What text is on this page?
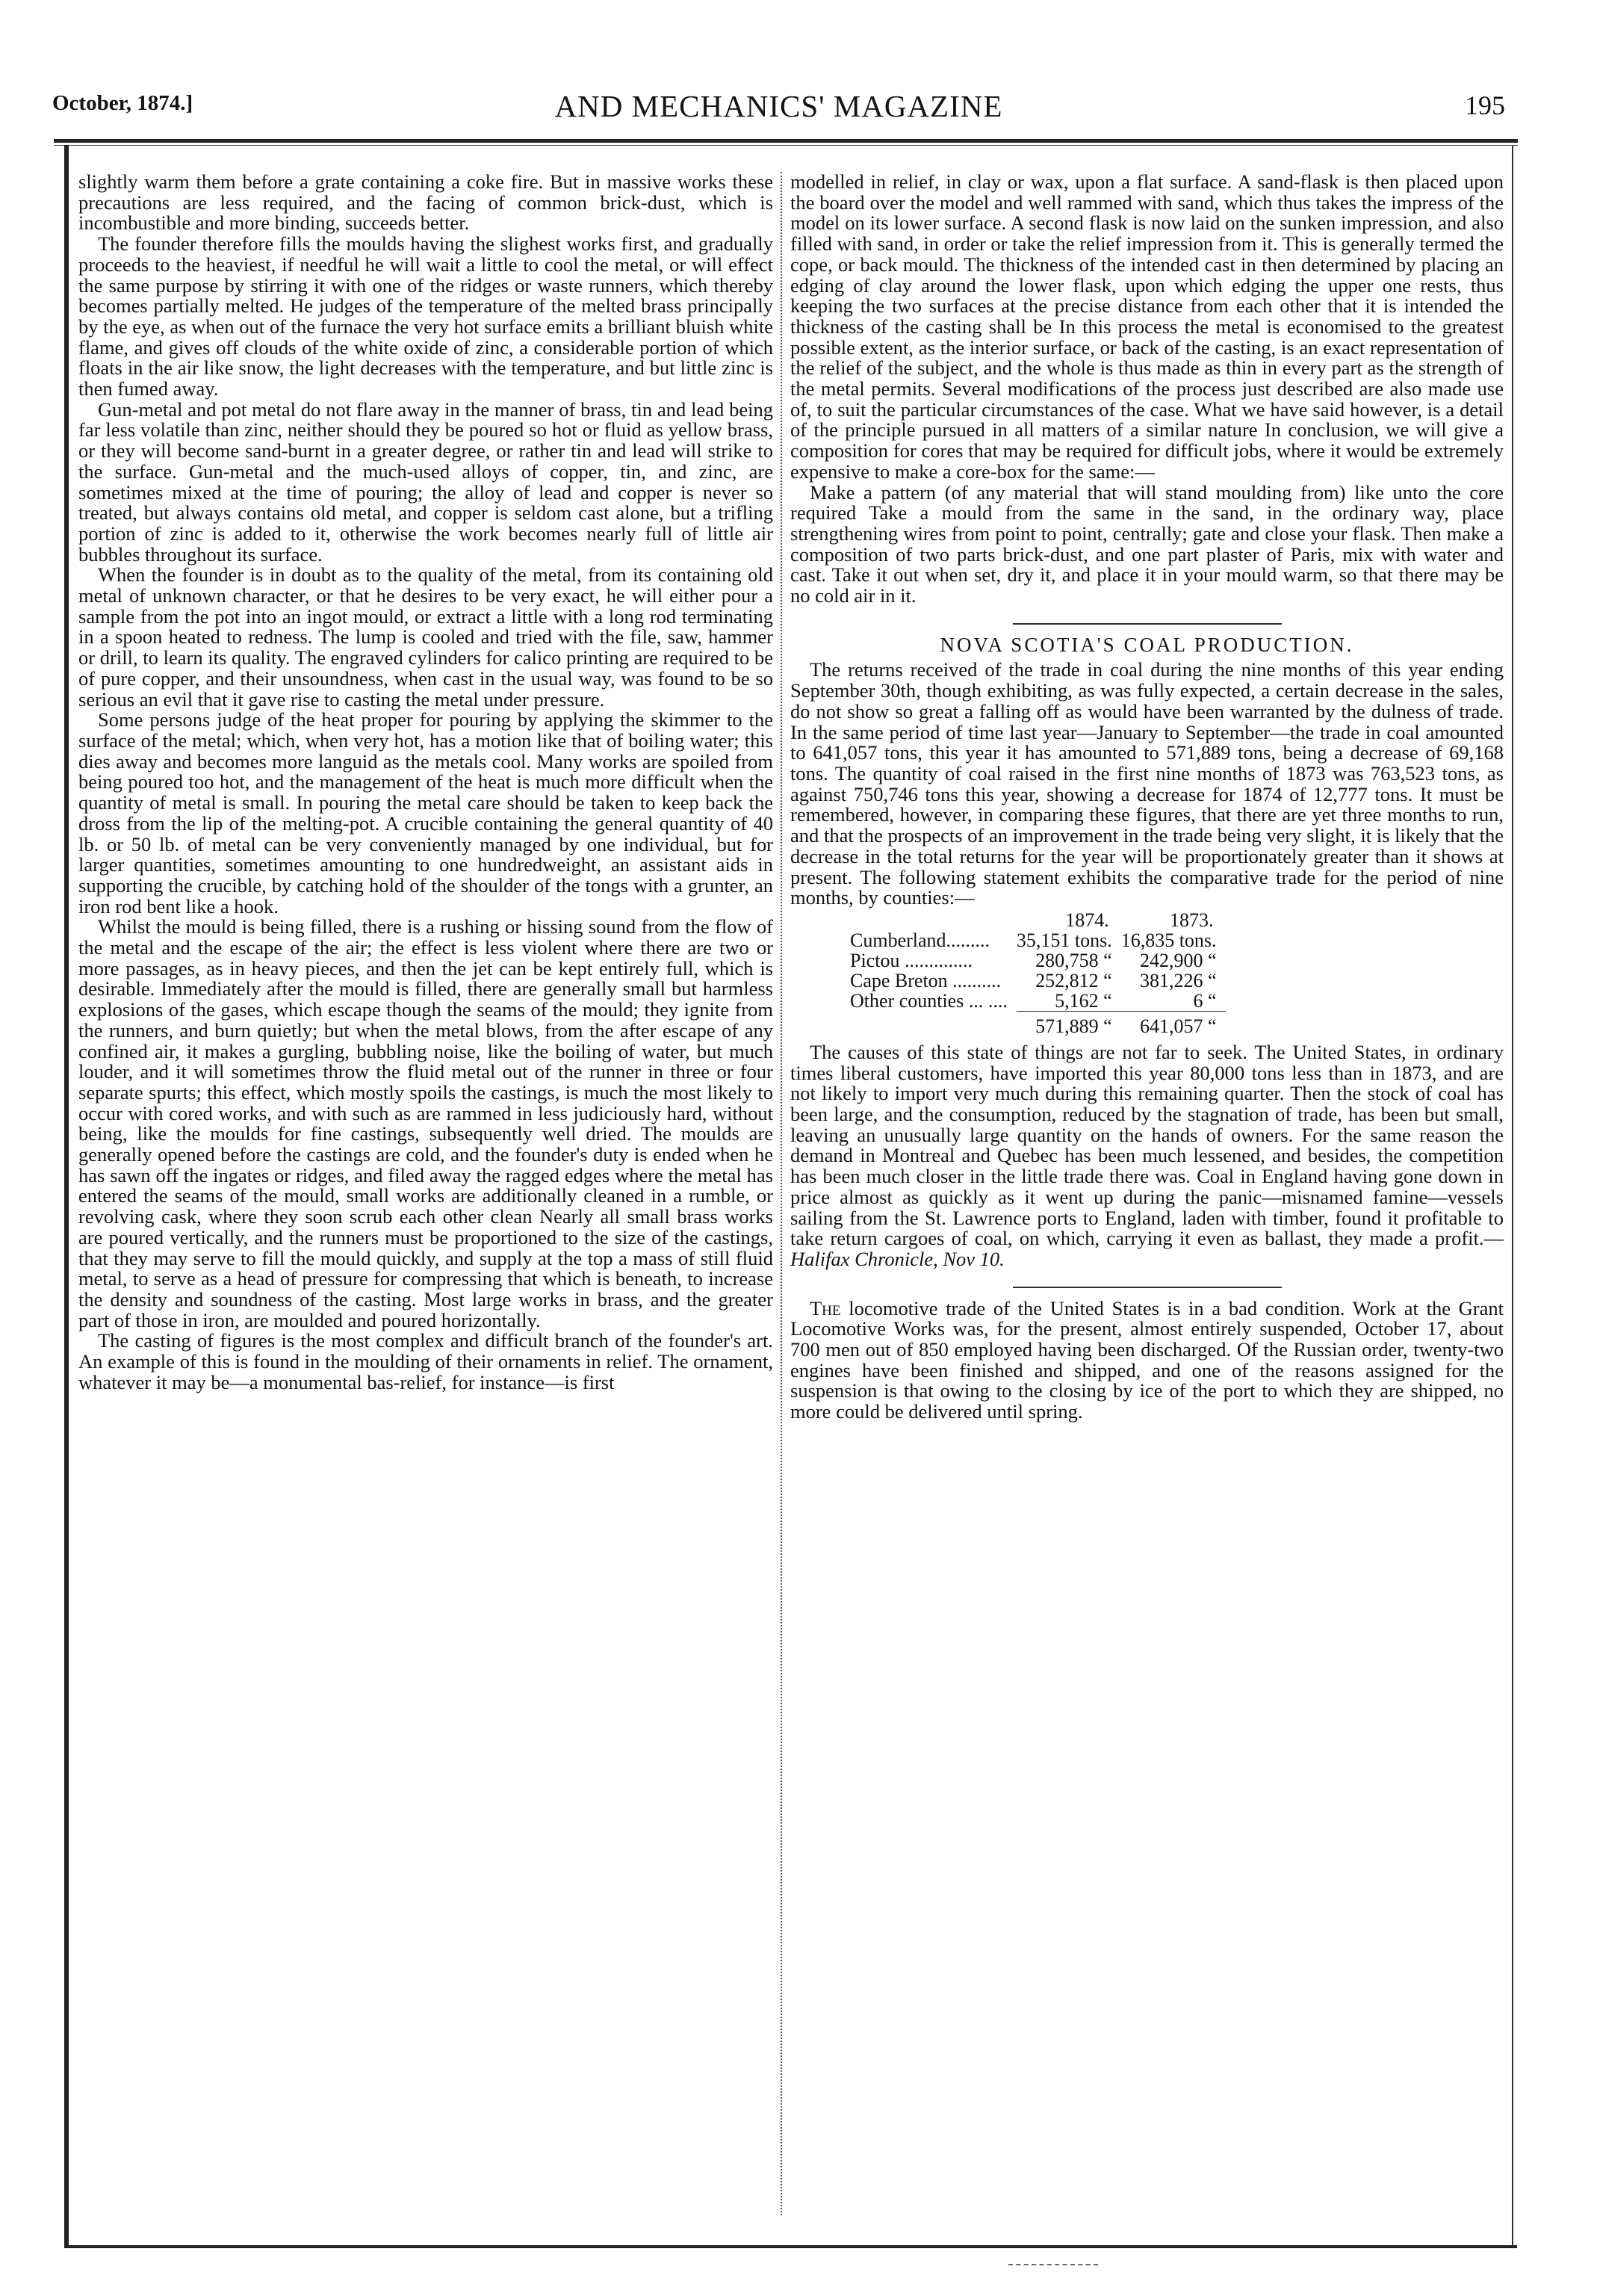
October, 1874.]	AND MECHANICS' MAGAZINE	195

slightly warm them before a grate containing a coke fire. But in massive works these precautions are less required, and the facing of common brick-dust, which is incombustible and more binding, succeeds better.

The founder therefore fills the moulds having the slighest works first, and gradually proceeds to the heaviest, if needful he will wait a little to cool the metal, or will effect the same purpose by stirring it with one of the ridges or waste runners, which thereby becomes partially melted. He judges of the temperature of the melted brass principally by the eye, as when out of the furnace the very hot surface emits a brilliant bluish white flame, and gives off clouds of the white oxide of zinc, a considerable portion of which floats in the air like snow, the light decreases with the temperature, and but little zinc is then fumed away.

Gun-metal and pot metal do not flare away in the manner of brass, tin and lead being far less volatile than zinc, neither should they be poured so hot or fluid as yellow brass, or they will become sand-burnt in a greater degree, or rather tin and lead will strike to the surface. Gun-metal and the much-used alloys of copper, tin, and zinc, are sometimes mixed at the time of pouring; the alloy of lead and copper is never so treated, but always contains old metal, and copper is seldom cast alone, but a trifling portion of zinc is added to it, otherwise the work becomes nearly full of little air bubbles throughout its surface.

When the founder is in doubt as to the quality of the metal, from its containing old metal of unknown character, or that he desires to be very exact, he will either pour a sample from the pot into an ingot mould, or extract a little with a long rod terminating in a spoon heated to redness. The lump is cooled and tried with the file, saw, hammer or drill, to learn its quality. The engraved cylinders for calico printing are required to be of pure copper, and their unsoundness, when cast in the usual way, was found to be so serious an evil that it gave rise to casting the metal under pressure.

Some persons judge of the heat proper for pouring by applying the skimmer to the surface of the metal; which, when very hot, has a motion like that of boiling water; this dies away and becomes more languid as the metals cool. Many works are spoiled from being poured too hot, and the management of the heat is much more difficult when the quantity of metal is small. In pouring the metal care should be taken to keep back the dross from the lip of the melting-pot. A crucible containing the general quantity of 40 lb. or 50 lb. of metal can be very conveniently managed by one individual, but for larger quantities, sometimes amounting to one hundredweight, an assistant aids in supporting the crucible, by catching hold of the shoulder of the tongs with a grunter, an iron rod bent like a hook.

Whilst the mould is being filled, there is a rushing or hissing sound from the flow of the metal and the escape of the air; the effect is less violent where there are two or more passages, as in heavy pieces, and then the jet can be kept entirely full, which is desirable. Immediately after the mould is filled, there are generally small but harmless explosions of the gases, which escape though the seams of the mould; they ignite from the runners, and burn quietly; but when the metal blows, from the after escape of any confined air, it makes a gurgling, bubbling noise, like the boiling of water, but much louder, and it will sometimes throw the fluid metal out of the runner in three or four separate spurts; this effect, which mostly spoils the castings, is much the most likely to occur with cored works, and with such as are rammed in less judiciously hard, without being, like the moulds for fine castings, subsequently well dried. The moulds are generally opened before the castings are cold, and the founder's duty is ended when he has sawn off the ingates or ridges, and filed away the ragged edges where the metal has entered the seams of the mould, small works are additionally cleaned in a rumble, or revolving cask, where they soon scrub each other clean Nearly all small brass works are poured vertically, and the runners must be proportioned to the size of the castings, that they may serve to fill the mould quickly, and supply at the top a mass of still fluid metal, to serve as a head of pressure for compressing that which is beneath, to increase the density and soundness of the casting. Most large works in brass, and the greater part of those in iron, are moulded and poured horizontally.

The casting of figures is the most complex and difficult branch of the founder's art. An example of this is found in the moulding of their ornaments in relief. The ornament, whatever it may be—a monumental bas-relief, for instance—is first

modelled in relief, in clay or wax, upon a flat surface. A sand-flask is then placed upon the board over the model and well rammed with sand, which thus takes the impress of the model on its lower surface. A second flask is now laid on the sunken impression, and also filled with sand, in order or take the relief impression from it. This is generally termed the cope, or back mould. The thickness of the intended cast in then determined by placing an edging of clay around the lower flask, upon which edging the upper one rests, thus keeping the two surfaces at the precise distance from each other that it is intended the thickness of the casting shall be In this process the metal is economised to the greatest possible extent, as the interior surface, or back of the casting, is an exact representation of the relief of the subject, and the whole is thus made as thin in every part as the strength of the metal permits. Several modifications of the process just described are also made use of, to suit the particular circumstances of the case. What we have said however, is a detail of the principle pursued in all matters of a similar nature In conclusion, we will give a composition for cores that may be required for difficult jobs, where it would be extremely expensive to make a core-box for the same:—

Make a pattern (of any material that will stand moulding from) like unto the core required Take a mould from the same in the sand, in the ordinary way, place strengthening wires from point to point, centrally; gate and close your flask. Then make a composition of two parts brick-dust, and one part plaster of Paris, mix with water and cast. Take it out when set, dry it, and place it in your mould warm, so that there may be no cold air in it.

NOVA SCOTIA'S COAL PRODUCTION.

The returns received of the trade in coal during the nine months of this year ending September 30th, though exhibiting, as was fully expected, a certain decrease in the sales, do not show so great a falling off as would have been warranted by the dulness of trade. In the same period of time last year—January to September—the trade in coal amounted to 641,057 tons, this year it has amounted to 571,889 tons, being a decrease of 69,168 tons. The quantity of coal raised in the first nine months of 1873 was 763,523 tons, as against 750,746 tons this year, showing a decrease for 1874 of 12,777 tons. It must be remembered, however, in comparing these figures, that there are yet three months to run, and that the prospects of an improvement in the trade being very slight, it is likely that the decrease in the total returns for the year will be proportionately greater than it shows at present. The following statement exhibits the comparative trade for the period of nine months, by counties:—

	1874.	1873.
Cumberland.........	35,151 tons.	16,835 tons.
Pictou ..............	280,758 “	242,900 “
Cape Breton ..........	252,812 “	381,226 “
Other counties ... ....	5,162 “	6 “
	571,889 “	641,057 “

The causes of this state of things are not far to seek. The United States, in ordinary times liberal customers, have imported this year 80,000 tons less than in 1873, and are not likely to import very much during this remaining quarter. Then the stock of coal has been large, and the consumption, reduced by the stagnation of trade, has been but small, leaving an unusually large quantity on the hands of owners. For the same reason the demand in Montreal and Quebec has been much lessened, and besides, the competition has been much closer in the little trade there was. Coal in England having gone down in price almost as quickly as it went up during the panic—misnamed famine—vessels sailing from the St. Lawrence ports to England, laden with timber, found it profitable to take return cargoes of coal, on which, carrying it even as ballast, they made a profit.—Halifax Chronicle, Nov 10.

The locomotive trade of the United States is in a bad condition. Work at the Grant Locomotive Works was, for the present, almost entirely suspended, October 17, about 700 men out of 850 employed having been discharged. Of the Russian order, twenty-two engines have been finished and shipped, and one of the reasons assigned for the suspension is that owing to the closing by ice of the port to which they are shipped, no more could be delivered until spring.
